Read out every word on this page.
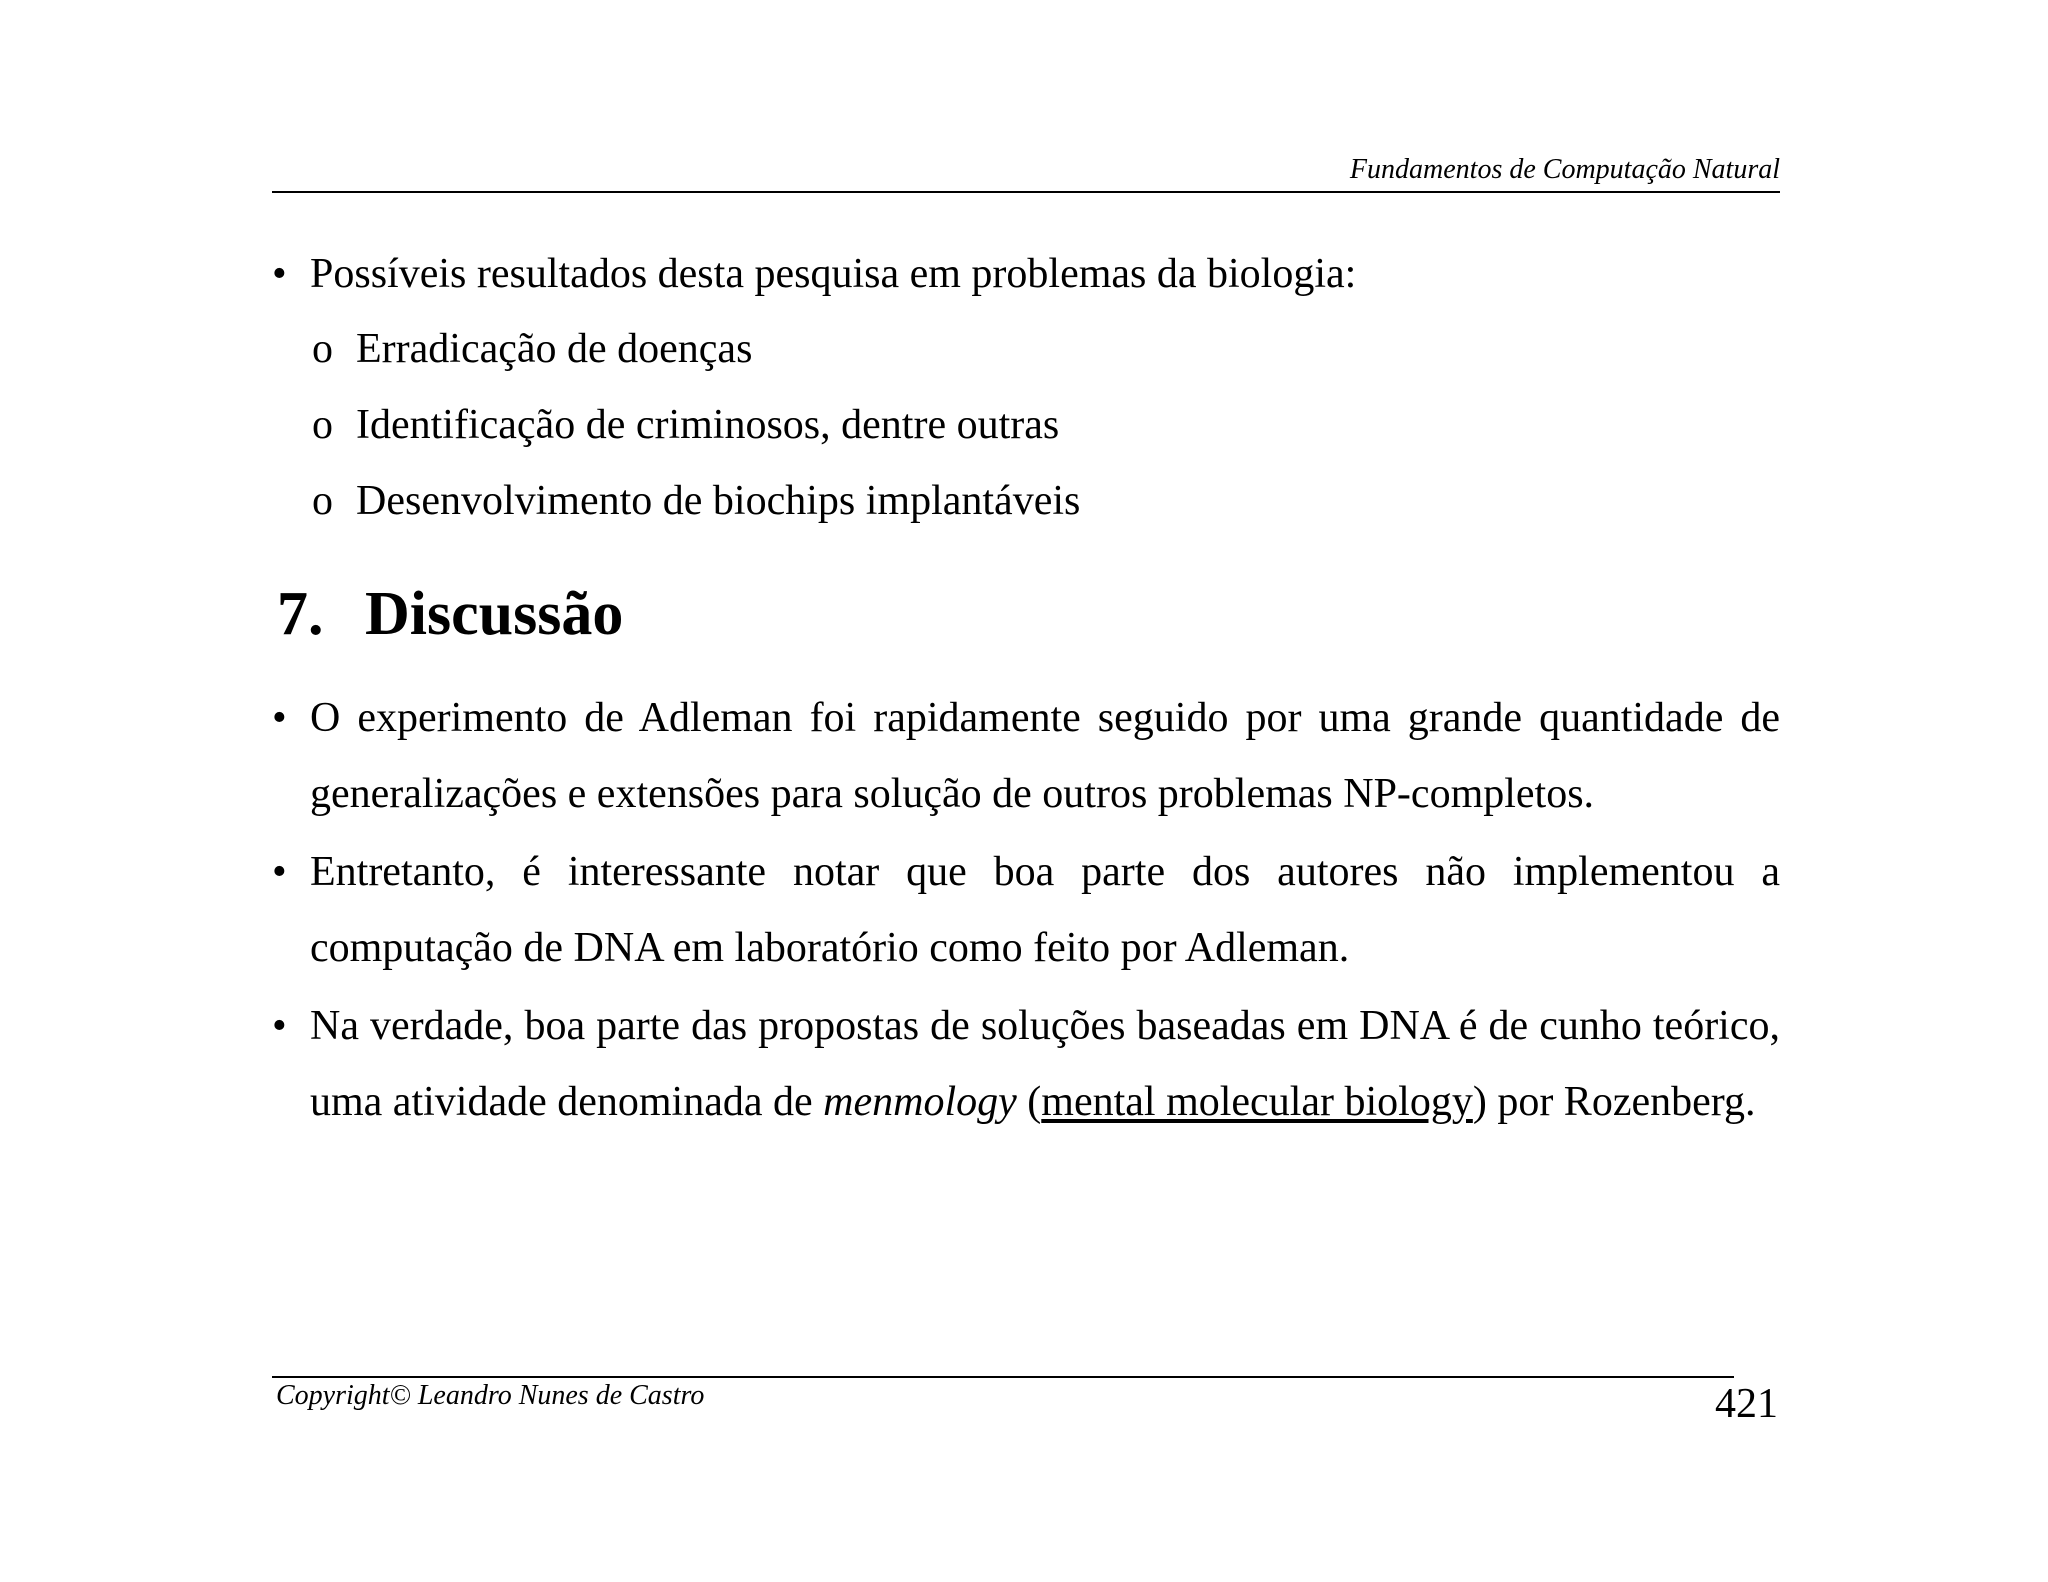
Fundamentos de Computação Natural

• Possíveis resultados desta pesquisa em problemas da biologia:

o Erradicação de doenças
o Identificação de criminosos, dentre outras
o Desenvolvimento de biochips implantáveis
7. Discussão
• O experimento de Adleman foi rapidamente seguido por uma grande quantidade de generalizações e extensões para solução de outros problemas NP-completos.

• Entretanto, é interessante notar que boa parte dos autores não implementou a computação de DNA em laboratório como feito por Adleman.

• Na verdade, boa parte das propostas de soluções baseadas em DNA é de cunho teórico, uma atividade denominada de menmology (mental molecular biology) por Rozenberg.

Copyright© Leandro Nunes de Castro	421
